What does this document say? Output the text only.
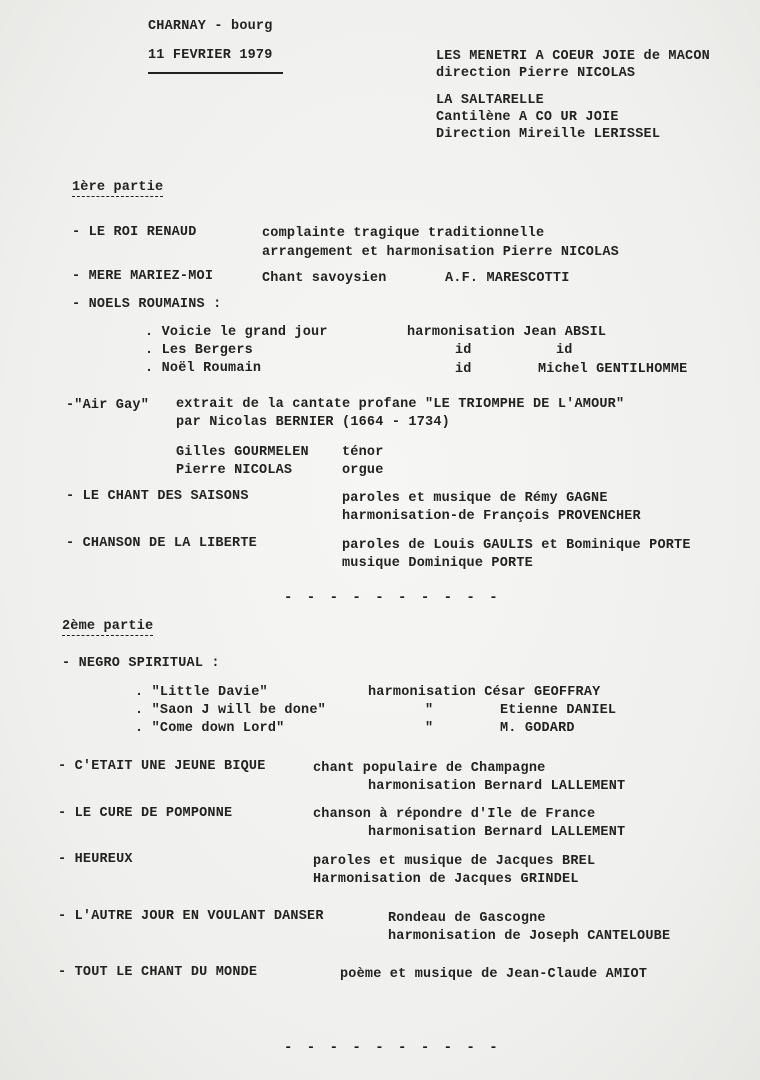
CHARNAY - bourg
11 FEVRIER 1979	LES MENETRI A COEUR JOIE de MACON
direction Pierre NICOLAS
LA SALTARELLE
Cantilène A CO UR JOIE
Direction Mireille LERISSEL
1ère partie
- LE ROI RENAUD	complainte tragique traditionnelle
arrangement et harmonisation Pierre NICOLAS
- MERE MARIEZ-MOI	Chant savoysien	A.F. MARESCOTTI
- NOELS ROUMAINS :
. Voicie le grand jour	harmonisation Jean ABSIL
. Les Bergers	id	id
. Noël Roumain	id	Michel GENTILHOMME
-"Air Gay" extrait de la cantate profane "LE TRIOMPHE DE L'AMOUR"
par Nicolas BERNIER (1664 - 1734)
Gilles GOURMELEN ténor
Pierre NICOLAS	orgue
- LE CHANT DES SAISONS	paroles et musique de Rémy GAGNE
harmonisation-de François PROVENCHER
- CHANSON DE LA LIBERTE	paroles de Louis GAULIS et Bominique PORTE
musique Dominique PORTE
- - - - - - - - - -
2ème partie
- NEGRO SPIRITUAL :
. "Little Davie"	harmonisation César GEOFFRAY
. "Saon J will be done"	"	Etienne DANIEL
. "Come down Lord"	"	M. GODARD
- C'ETAIT UNE JEUNE BIQUE	chant populaire de Champagne
harmonisation Bernard LALLEMENT
- LE CURE DE POMPONNE	chanson à répondre d'Ile de France
harmonisation Bernard LALLEMENT
- HEUREUX	paroles et musique de Jacques BREL
Harmonisation de Jacques GRINDEL
- L'AUTRE JOUR EN VOULANT DANSER	Rondeau de Gascogne
harmonisation de Joseph CANTELOUBE
- TOUT LE CHANT DU MONDE	poème et musique de Jean-Claude AMIOT
- - - - - - - - - -
